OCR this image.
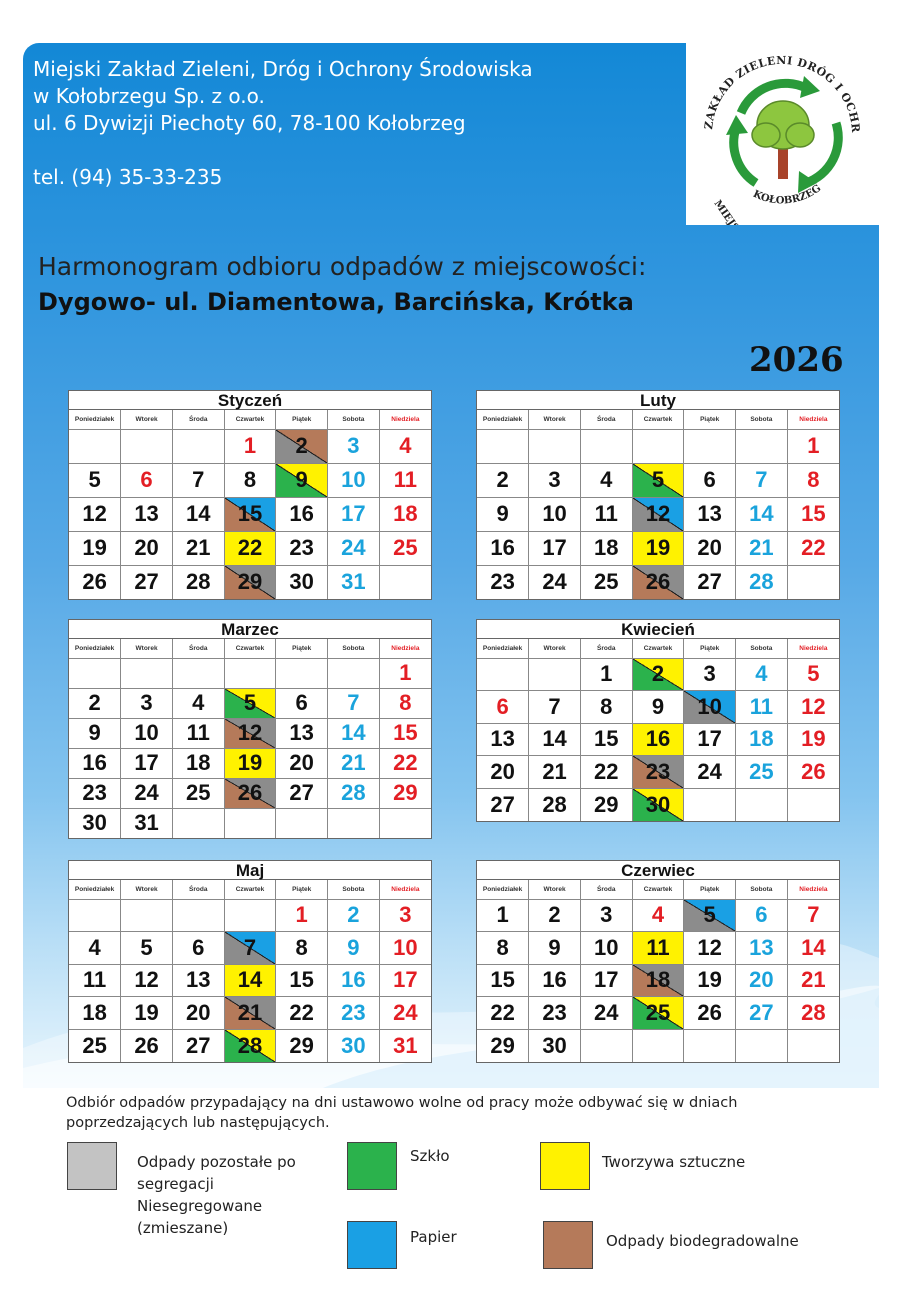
Miejski Zakład Zieleni, Dróg i Ochrony Środowiska
w Kołobrzegu Sp. z o.o.
ul. 6 Dywizji Piechoty 60, 78-100 Kołobrzeg
tel. (94) 35-33-235
ZAKŁAD ZIELENI DRÓG I OCHR
KOŁOBRZEG
MIEJSKI
Harmonogram odbioru odpadów z miejscowości:
Dygowo- ul. Diamentowa, Barcińska, Krótka
2026
Styczeń
Poniedziałek	Wtorek	Środa	Czwartek	Piątek	Sobota	Niedziela
			1	2	3	4
5	6	7	8	9	10	11
12	13	14	15	16	17	18
19	20	21	22	23	24	25
26	27	28	29	30	31	
Luty
Poniedziałek	Wtorek	Środa	Czwartek	Piątek	Sobota	Niedziela
						1
2	3	4	5	6	7	8
9	10	11	12	13	14	15
16	17	18	19	20	21	22
23	24	25	26	27	28	
Marzec
Poniedziałek	Wtorek	Środa	Czwartek	Piątek	Sobota	Niedziela
						1
2	3	4	5	6	7	8
9	10	11	12	13	14	15
16	17	18	19	20	21	22
23	24	25	26	27	28	29
30	31					
Kwiecień
Poniedziałek	Wtorek	Środa	Czwartek	Piątek	Sobota	Niedziela
		1	2	3	4	5
6	7	8	9	10	11	12
13	14	15	16	17	18	19
20	21	22	23	24	25	26
27	28	29	30			
Maj
Poniedziałek	Wtorek	Środa	Czwartek	Piątek	Sobota	Niedziela
				1	2	3
4	5	6	7	8	9	10
11	12	13	14	15	16	17
18	19	20	21	22	23	24
25	26	27	28	29	30	31
Czerwiec
Poniedziałek	Wtorek	Środa	Czwartek	Piątek	Sobota	Niedziela
1	2	3	4	5	6	7
8	9	10	11	12	13	14
15	16	17	18	19	20	21
22	23	24	25	26	27	28
29	30					
Odbiór odpadów przypadający na dni ustawowo wolne od pracy może odbywać się w dniach poprzedzających lub następujących.
Odpady pozostałe po
segregacji
Niesegregowane
(zmieszane)
Szkło	Tworzywa sztuczne
Papier	Odpady biodegradowalne
